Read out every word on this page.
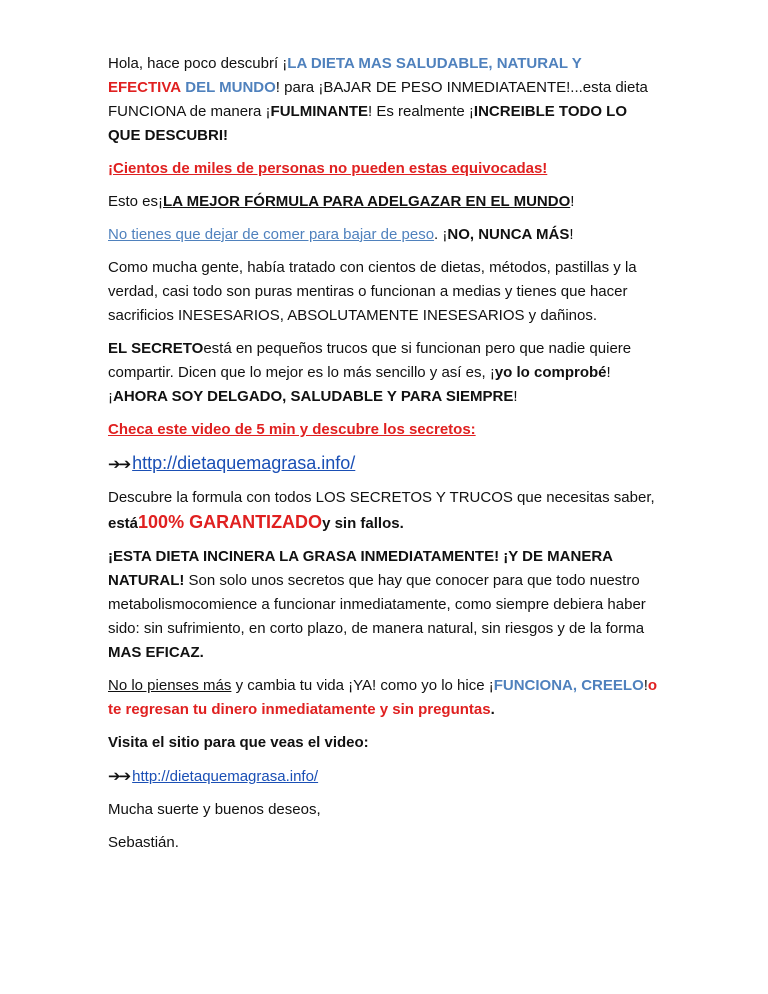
Hola, hace poco descubrí ¡LA DIETA MAS SALUDABLE, NATURAL Y EFECTIVA DEL MUNDO! para ¡BAJAR DE PESO INMEDIATAENTE!...esta dieta FUNCIONA de manera ¡FULMINANTE! Es realmente ¡INCREIBLE TODO LO QUE DESCUBRI!

¡Cientos de miles de personas no pueden estas equivocadas!

Esto es¡LA MEJOR FÓRMULA PARA ADELGAZAR EN EL MUNDO!

No tienes que dejar de comer para bajar de peso. ¡NO, NUNCA MÁS!

Como mucha gente, había tratado con cientos de dietas, métodos, pastillas y la verdad, casi todo son puras mentiras o funcionan a medias y tienes que hacer sacrificios INESESARIOS, ABSOLUTAMENTE INESESARIOS y dañinos.

EL SECRETOestá en pequeños trucos que si funcionan pero que nadie quiere compartir. Dicen que lo mejor es lo más sencillo y así es, ¡yo lo comprobé! ¡AHORA SOY DELGADO, SALUDABLE Y PARA SIEMPRE!

Checa este video de 5 min y descubre los secretos:

➔➔ http://dietaquemagrasa.info/

Descubre la formula con todos LOS SECRETOS Y TRUCOS que necesitas saber, está100% GARANTIZADOy sin fallos.

¡ESTA DIETA INCINERA LA GRASA INMEDIATAMENTE! ¡Y DE MANERA NATURAL! Son solo unos secretos que hay que conocer para que todo nuestro metabolismocomience a funcionar inmediatamente, como siempre debiera haber sido: sin sufrimiento, en corto plazo, de manera natural, sin riesgos y de la forma MAS EFICAZ.

No lo pienses más y cambia tu vida ¡YA! como yo lo hice ¡FUNCIONA, CREELO!o te regresan tu dinero inmediatamente y sin preguntas.

Visita el sitio para que veas el video:

➔➔ http://dietaquemagrasa.info/

Mucha suerte y buenos deseos,

Sebastián.
